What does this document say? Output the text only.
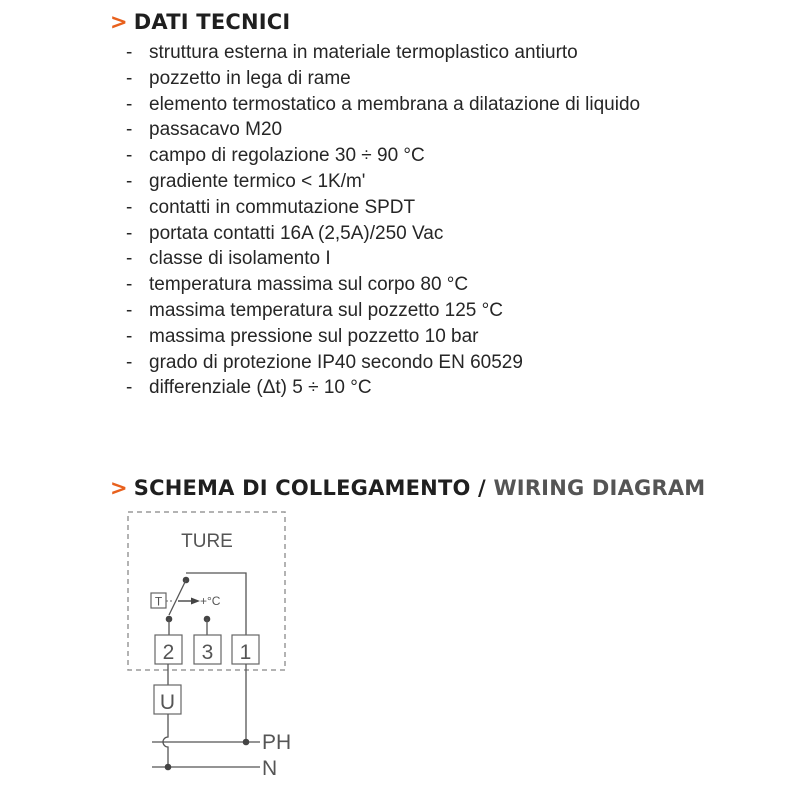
> DATI TECNICI
- struttura esterna in materiale termoplastico antiurto
- pozzetto in lega di rame
- elemento termostatico a membrana a dilatazione di liquido
- passacavo M20
- campo di regolazione 30 ÷ 90 °C
- gradiente termico < 1K/m'
- contatti in commutazione SPDT
- portata contatti 16A (2,5A)/250 Vac
- classe di isolamento I
- temperatura massima sul corpo 80 °C
- massima temperatura sul pozzetto 125 °C
- massima pressione sul pozzetto 10 bar
- grado di protezione IP40 secondo EN 60529
- differenziale (Δt) 5 ÷ 10 °C
> SCHEMA DI COLLEGAMENTO / WIRING DIAGRAM
TURE
T	+°C
2 3 1
U
PH
N
